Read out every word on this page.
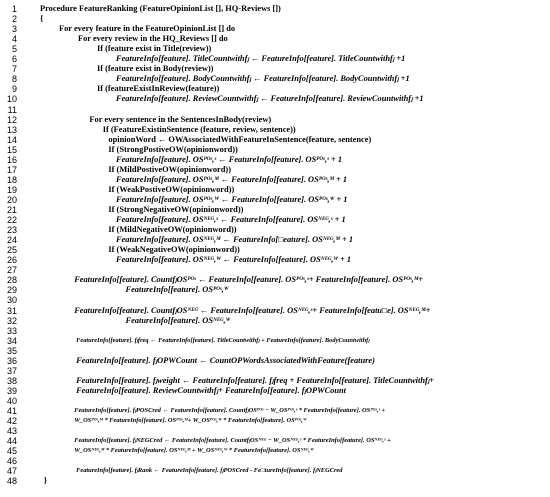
1	Procedure FeatureRanking (FeatureOpinionList [], HQ-Reviews [])
2	{
3	For every feature in the FeatureOpinionList [] do
4	For every review in the HQ_Reviews [] do
5	If (feature exist in Title(review))
6	FeatureInfo[feature]. TitleCountwithfⱼ ← FeatureInfo[feature]. TitleCountwithfⱼ +1
7	If (feature exist in Body(review))
8	FeatureInfo[feature]. BodyCountwithfⱼ ← FeatureInfo[feature]. BodyCountwithfⱼ +1
9	If (featureExistInReview(feature))
10	FeatureInfo[feature]. ReviewCountwithfⱼ ← FeatureInfo[feature]. ReviewCountwithfⱼ +1
11
12	For every sentence in the SentencesInBody(review)
13	If (FeatureExistinSentence (feature, review, sentence))
14	opinionWord ← OWAssociatedWithFeatureInSentence(feature, sentence)
15	If (StrongPostiveOW(opinionword))
16	FeatureInfo[feature]. OSᴾᴼˢ,ˢ ← FeatureInfo[feature]. OSᴾᴼˢ,ˢ + 1
17	If (MildPostiveOW(opinionword))
18	FeatureInfo[feature]. OSᴾᴼˢ,ᴹ ← FeatureInfo[feature]. OSᴾᴼˢ,ᴹ + 1
19	If (WeakPostiveOW(opinionword))
20	FeatureInfo[feature]. OSᴾᴼˢ,ᵂ ← FeatureInfo[feature]. OSᴾᴼˢ,ᵂ + 1
21	If (StrongNegativeOW(opinionword))
22	FeatureInfo[feature]. OSᴺᴱᴳ,ˢ ← FeatureInfo[feature]. OSᴺᴱᴳ,ˢ + 1
23	If (MildNegativeOW(opinionword))
24	FeatureInfo[feature]. OSᴺᴱᴳ,ᴹ ← FeatureInfo[□eature]. OSᴺᴱᴳ,ᴹ + 1
25	If (WeakNegativeOW(opinionword))
26	FeatureInfo[feature]. OSᴺᴱᴳ,ᵂ ← FeatureInfo[feature]. OSᴺᴱᴳ,ᵂ + 1
27
28	FeatureInfo[feature]. CountfⱼOSᴾᴼˢ ← FeatureInfo[feature]. OSᴾᴼˢ,ˢ+ FeatureInfo[feature]. OSᴾᴼˢ,ᴹ+
29	FeatureInfo[feature]. OSᴾᴼˢ,ᵂ
30
31	FeatureInfo[feature]. CountfⱼOSᴺᴱᴳ ← FeatureInfo[feature]. OSᴺᴱᴳ,ˢ+ FeatureInfo[featu□e]. OSᴺᴱᴳ,ᴹ+
32	FeatureInfo[feature]. OSᴺᴱᴳ,ᵂ
33
34	FeatureInfo[feature]. fⱼfreq ← FeatureInfo[feature]. TitleCountwithfⱼ + FeatureInfo[feature]. BodyCountwithfⱼ
35
36	FeatureInfo[feature]. fⱼOPWCount ← CountOPWordsAssociatedWithFeature(feature)
37
38	FeatureInfo[feature]. fⱼweight ← FeatureInfo[feature]. fⱼfreq + FeatureInfo[feature]. TitleCountwithfⱼ+
39	FeatureInfo[feature]. ReviewCountwithfⱼ+ FeatureInfo[feature]. fⱼOPWCount
40
41	FeatureInfo[feature]. fⱼPOSCred ← FeatureInfo[feature]. CountfⱼOSᴾᴼˢ − W_OSᴾᴼˢ,ˢ * FeatureInfo[feature]. OSᴾᴼˢ,ˢ +
42	W_OSᴾᴼˢ,ᴹ * FeatureInfo[feature]. OSᴾᴼˢ,ᴹ+ W_OSᴾᴼˢ,ᵂ * FeatureInfo[feature]. OSᴾᴼˢ,ᵂ
43
44	FeatureInfo[feature]. fⱼNEGCred ← FeatureInfo[feature]. CountfⱼOSᴺᴱᴳ − W_OSᴺᴱᴳ,ˢ * FeatureInfo[feature]. OSᴺᴱᴳ,ˢ +
45	W_OSᴺᴱᴳ,ᴹ * FeatureInfo[feature]. OSᴺᴱᴳ,ᴹ + W_OSᴺᴱᴳ,ᵂ * FeatureInfo[feature]. OSᴺᴱᴳ,ᵂ
46
47	FeatureInfo[feature]. fⱼRank ← FeatureInfo[feature]. fⱼPOSCred - Fe□tureInfo[feature]. fⱼNEGCred
48	}
